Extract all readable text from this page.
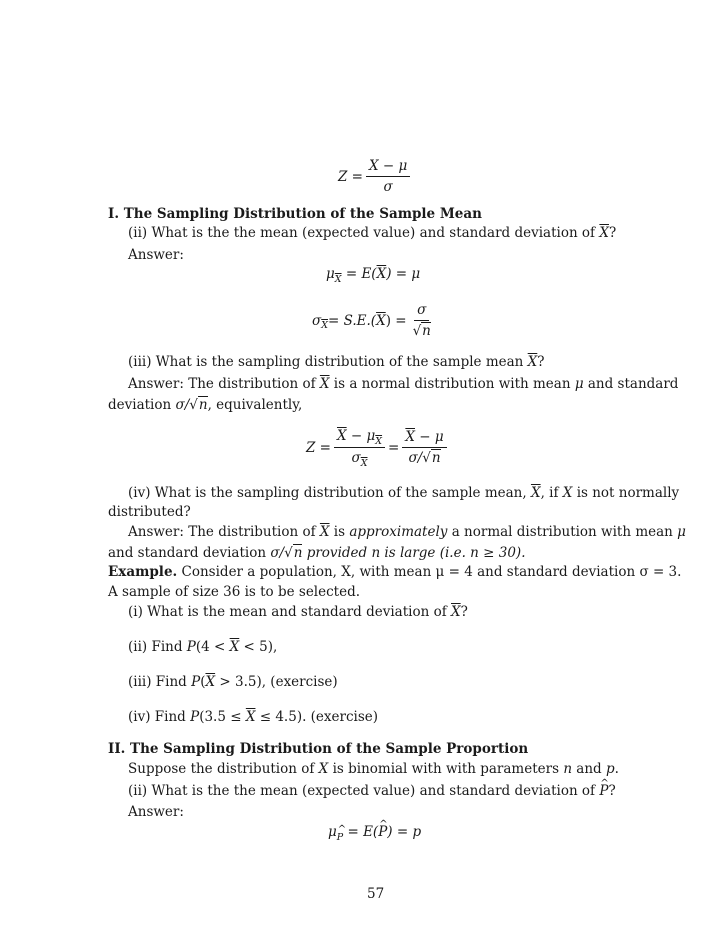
$Z = \frac{X - \mu}{\sigma}$
I. The Sampling Distribution of the Sample Mean
(ii) What is the the mean (expected value) and standard deviation of $\overline{X}$?
Answer:
$\mu_{\overline{X}} = E(\overline{X}) = \mu$
σ $\overline{X} = S.E$.( $\overline{X}$ ) = $\frac{\sigma}{√n}$
(iii) What is the sampling distribution of the sample mean $\overline{X}$?
Answer: The distribution of $\overline{X}$ is a normal distribution with mean μ and standard
deviation σ/√n, equivalently,
$Z = \frac{\overline{X} - \mu_{\overline{X}}}{\sigma_{\overline{X}}} = \frac{\overline{X} - \mu}{\sigma/√n}$
(iv) What is the sampling distribution of the sample mean, $\overline{X}$, if X is not normally
distributed?
Answer: The distribution of $\overline{X}$ is approximately a normal distribution with mean μ
and standard deviation σ/√n provided n is large (i.e. n ≥ 30).
Example. Consider a population, X, with mean μ = 4 and standard deviation σ = 3.
A sample of size 36 is to be selected.
(i) What is the mean and standard deviation of $\overline{X}$?
(ii) Find $P(4 < \overline{X} < 5)$,
(iii) Find $P(\overline{X} > 3.5)$, (exercise)
(iv) Find $P(3.5 \le \overline{X} \le 4.5)$. (exercise)
II. The Sampling Distribution of the Sample Proportion
Suppose the distribution of X is binomial with with parameters n and p.
(ii) What is the the mean (expected value) and standard deviation of ^ P?
Answer:
μ^ P = E(^ P) = p
57
